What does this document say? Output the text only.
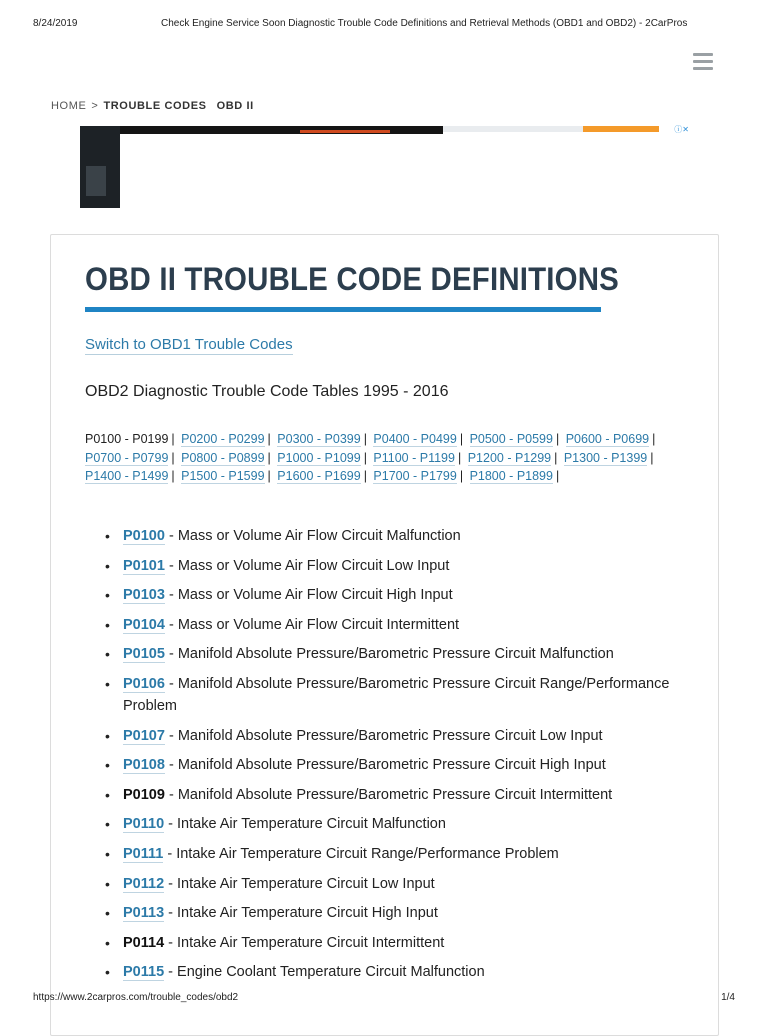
8/24/2019	Check Engine Service Soon Diagnostic Trouble Code Definitions and Retrieval Methods (OBD1 and OBD2) - 2CarPros
HOME > TROUBLE CODES OBD II
ⓘ✕
OBD II TROUBLE CODE DEFINITIONS
Switch to OBD1 Trouble Codes
OBD2 Diagnostic Trouble Code Tables 1995 - 2016
P0100 - P0199 | P0200 - P0299 | P0300 - P0399 | P0400 - P0499 | P0500 - P0599 | P0600 - P0699 | P0700 - P0799 | P0800 - P0899 | P1000 - P1099 | P1100 - P1199 | P1200 - P1299 | P1300 - P1399 | P1400 - P1499 | P1500 - P1599 | P1600 - P1699 | P1700 - P1799 | P1800 - P1899 |
• P0100 - Mass or Volume Air Flow Circuit Malfunction
• P0101 - Mass or Volume Air Flow Circuit Low Input
• P0103 - Mass or Volume Air Flow Circuit High Input
• P0104 - Mass or Volume Air Flow Circuit Intermittent
• P0105 - Manifold Absolute Pressure/Barometric Pressure Circuit Malfunction
• P0106 - Manifold Absolute Pressure/Barometric Pressure Circuit Range/Performance Problem
• P0107 - Manifold Absolute Pressure/Barometric Pressure Circuit Low Input
• P0108 - Manifold Absolute Pressure/Barometric Pressure Circuit High Input
• P0109 - Manifold Absolute Pressure/Barometric Pressure Circuit Intermittent
• P0110 - Intake Air Temperature Circuit Malfunction
• P0111 - Intake Air Temperature Circuit Range/Performance Problem
• P0112 - Intake Air Temperature Circuit Low Input
• P0113 - Intake Air Temperature Circuit High Input
• P0114 - Intake Air Temperature Circuit Intermittent
• P0115 - Engine Coolant Temperature Circuit Malfunction
https://www.2carpros.com/trouble_codes/obd2	1/4
